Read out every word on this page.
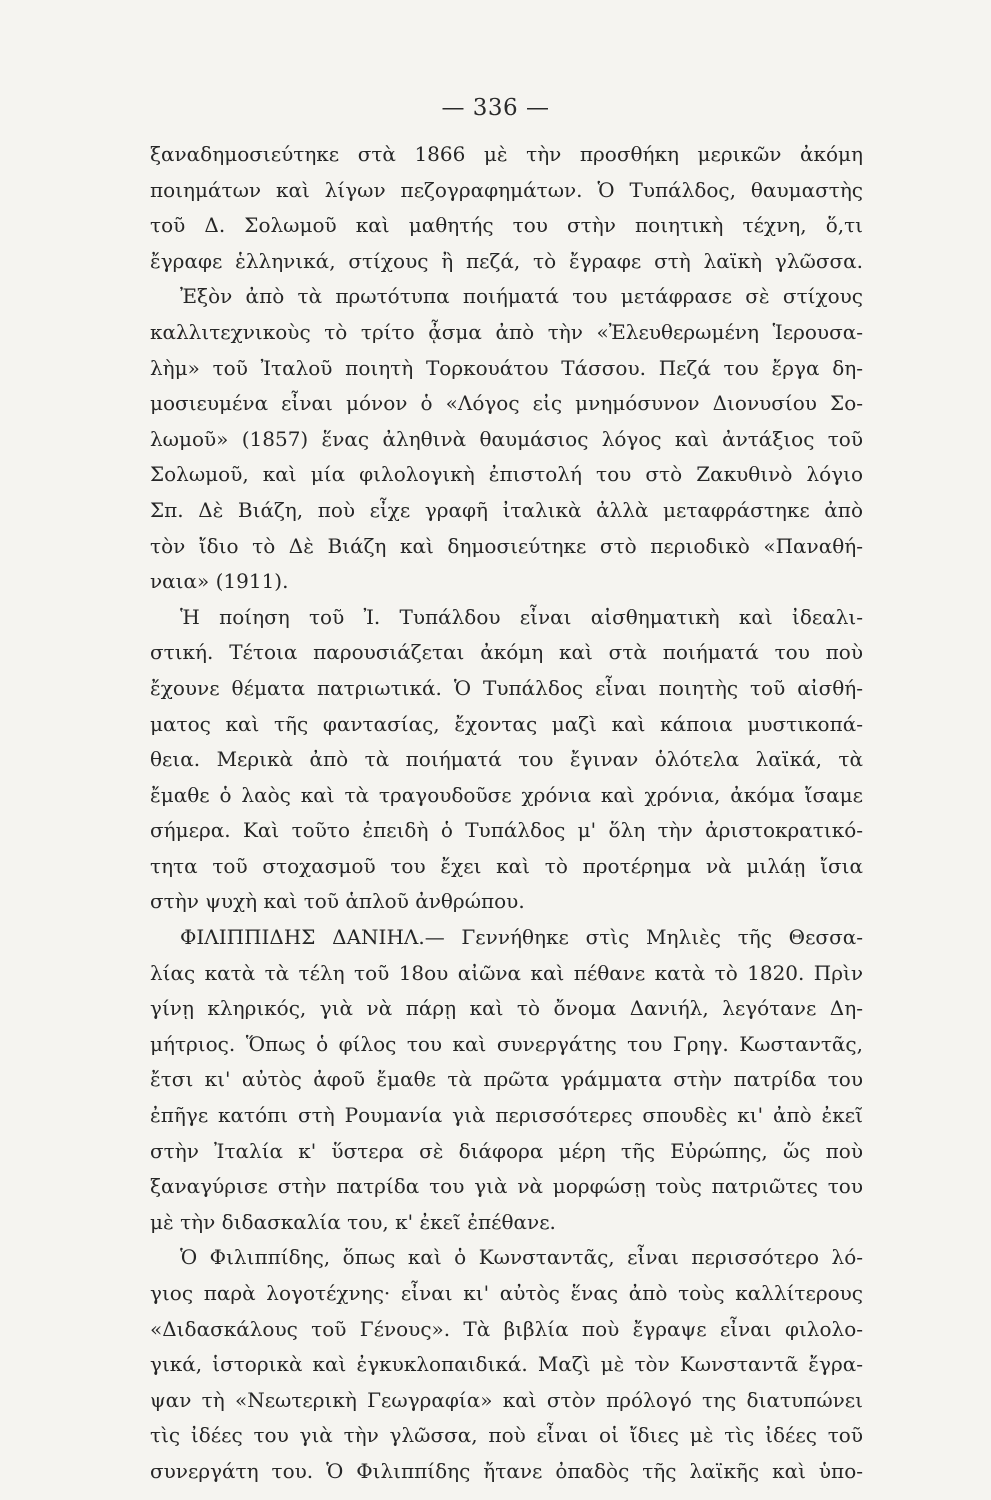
— 336 —
ξαναδημοσιεύτηκε στὰ 1866 μὲ τὴν προσθήκη μερικῶν ἀκόμη
ποιημάτων καὶ λίγων πεζογραφημάτων. Ὁ Τυπάλδος, θαυμαστὴς
τοῦ Δ. Σολωμοῦ καὶ μαθητής του στὴν ποιητικὴ τέχνη, ὅ,τι
ἔγραφε ἑλληνικά, στίχους ἢ πεζά, τὸ ἔγραφε στὴ λαϊκὴ γλῶσσα.
Ἐξὸν ἀπὸ τὰ πρωτότυπα ποιήματά του μετάφρασε σὲ στίχους
καλλιτεχνικοὺς τὸ τρίτο ᾆσμα ἀπὸ τὴν «Ἐλευθερωμένη Ἱερουσα-
λὴμ» τοῦ Ἰταλοῦ ποιητὴ Τορκουάτου Τάσσου. Πεζά του ἔργα δη-
μοσιευμένα εἶναι μόνον ὁ «Λόγος εἰς μνημόσυνον Διονυσίου Σο-
λωμοῦ» (1857) ἕνας ἀληθινὰ θαυμάσιος λόγος καὶ ἀντάξιος τοῦ
Σολωμοῦ, καὶ μία φιλολογικὴ ἐπιστολή του στὸ Ζακυθινὸ λόγιο
Σπ. Δὲ Βιάζη, ποὺ εἶχε γραφῆ ἰταλικὰ ἀλλὰ μεταφράστηκε ἀπὸ
τὸν ἴδιο τὸ Δὲ Βιάζη καὶ δημοσιεύτηκε στὸ περιοδικὸ «Παναθή-
ναια» (1911).
Ἡ ποίηση τοῦ Ἰ. Τυπάλδου εἶναι αἰσθηματικὴ καὶ ἰδεαλι-
στική. Τέτοια παρουσιάζεται ἀκόμη καὶ στὰ ποιήματά του ποὺ
ἔχουνε θέματα πατριωτικά. Ὁ Τυπάλδος εἶναι ποιητὴς τοῦ αἰσθή-
ματος καὶ τῆς φαντασίας, ἔχοντας μαζὶ καὶ κάποια μυστικοπά-
θεια. Μερικὰ ἀπὸ τὰ ποιήματά του ἔγιναν ὁλότελα λαϊκά, τὰ
ἔμαθε ὁ λαὸς καὶ τὰ τραγουδοῦσε χρόνια καὶ χρόνια, ἀκόμα ἴσαμε
σήμερα. Καὶ τοῦτο ἐπειδὴ ὁ Τυπάλδος μ' ὅλη τὴν ἀριστοκρατικό-
τητα τοῦ στοχασμοῦ του ἔχει καὶ τὸ προτέρημα νὰ μιλάῃ ἴσια
στὴν ψυχὴ καὶ τοῦ ἁπλοῦ ἀνθρώπου.
ΦΙΛΙΠΠΙΔΗΣ ΔΑΝΙΗΛ.— Γεννήθηκε στὶς Μηλιὲς τῆς Θεσσα-
λίας κατὰ τὰ τέλη τοῦ 18ου αἰῶνα καὶ πέθανε κατὰ τὸ 1820. Πρὶν
γίνῃ κληρικός, γιὰ νὰ πάρῃ καὶ τὸ ὄνομα Δανιήλ, λεγότανε Δη-
μήτριος. Ὅπως ὁ φίλος του καὶ συνεργάτης του Γρηγ. Κωσταντᾶς,
ἔτσι κι' αὐτὸς ἀφοῦ ἔμαθε τὰ πρῶτα γράμματα στὴν πατρίδα του
ἐπῆγε κατόπι στὴ Ρουμανία γιὰ περισσότερες σπουδὲς κι' ἀπὸ ἐκεῖ
στὴν Ἰταλία κ' ὕστερα σὲ διάφορα μέρη τῆς Εὐρώπης, ὥς ποὺ
ξαναγύρισε στὴν πατρίδα του γιὰ νὰ μορφώσῃ τοὺς πατριῶτες του
μὲ τὴν διδασκαλία του, κ' ἐκεῖ ἐπέθανε.
Ὁ Φιλιππίδης, ὅπως καὶ ὁ Κωνσταντᾶς, εἶναι περισσότερο λό-
γιος παρὰ λογοτέχνης· εἶναι κι' αὐτὸς ἕνας ἀπὸ τοὺς καλλίτερους
«Διδασκάλους τοῦ Γένους». Τὰ βιβλία ποὺ ἔγραψε εἶναι φιλολο-
γικά, ἱστορικὰ καὶ ἐγκυκλοπαιδικά. Μαζὶ μὲ τὸν Κωνσταντᾶ ἔγρα-
ψαν τὴ «Νεωτερικὴ Γεωγραφία» καὶ στὸν πρόλογό της διατυπώνει
τὶς ἰδέες του γιὰ τὴν γλῶσσα, ποὺ εἶναι οἱ ἴδιες μὲ τὶς ἰδέες τοῦ
συνεργάτη του. Ὁ Φιλιππίδης ἤτανε ὀπαδὸς τῆς λαϊκῆς καὶ ὑπο-
